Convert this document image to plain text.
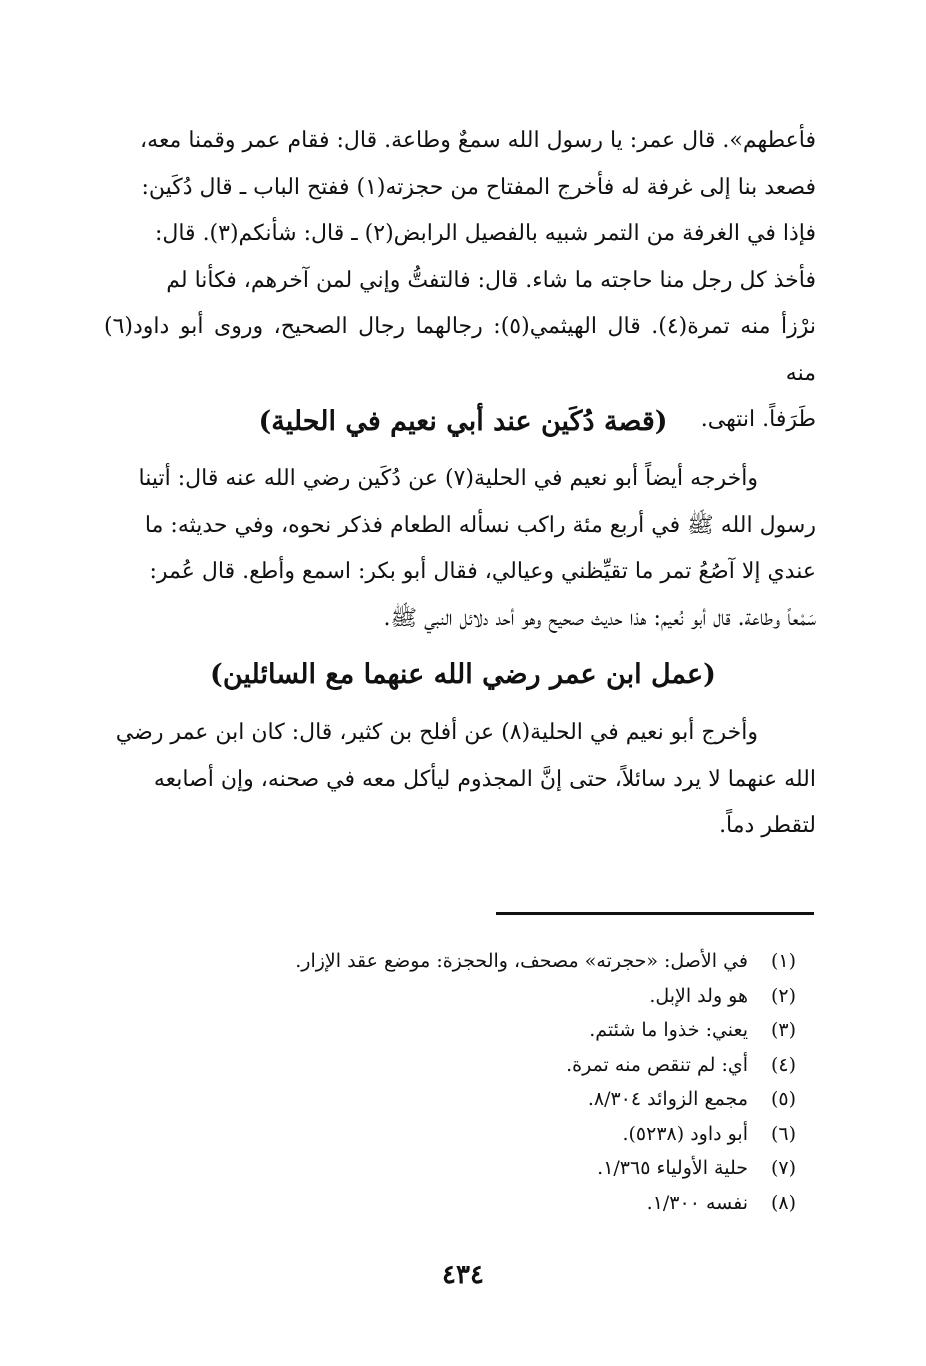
فأعطهم». قال عمر: يا رسول الله سمعٌ وطاعة. قال: فقام عمر وقمنا معه،

فصعد بنا إلى غرفة له فأخرج المفتاح من حجزته(١) ففتح الباب ـ قال دُكَين:

فإذا في الغرفة من التمر شبيه بالفصيل الرابض(٢) ـ قال: شأنكم(٣). قال:

فأخذ كل رجل منا حاجته ما شاء. قال: فالتفتُّ وإني لمن آخرهم، فكأنا لم

نرْزأ منه تمرة(٤). قال الهيثمي(٥): رجالهما رجال الصحيح، وروى أبو داود(٦) منه

طَرَفاً. انتهى.

(قصة دُكَين عند أبي نعيم في الحلية)

وأخرجه أيضاً أبو نعيم في الحلية(٧) عن دُكَين رضي الله عنه قال: أتينا

رسول الله ﷺ في أربع مئة راكب نسأله الطعام فذكر نحوه، وفي حديثه: ما

عندي إلا آصُعُ تمر ما تقيِّظني وعيالي، فقال أبو بكر: اسمع وأطع. قال عُمر:

سَمْعاً وطاعة. قال أبو نُعيم: هذا حديث صحيح وهو أحد دلائل النبي ﷺ.

(عمل ابن عمر رضي الله عنهما مع السائلين)

وأخرج أبو نعيم في الحلية(٨) عن أفلح بن كثير، قال: كان ابن عمر رضي

الله عنهما لا يرد سائلاً، حتى إنَّ المجذوم ليأكل معه في صحنه، وإن أصابعه

لتقطر دماً.

(١)
في الأصل: «حجرته» مصحف، والحجزة: موضع عقد الإزار.
(٢)
هو ولد الإبل.
(٣)
يعني: خذوا ما شئتم.
(٤)
أي: لم تنقص منه تمرة.
(٥)
مجمع الزوائد ٨/٣٠٤.
(٦)
أبو داود (٥٢٣٨).
(٧)
حلية الأولياء ١/٣٦٥.
(٨)
نفسه ١/٣٠٠.
٤٣٤
